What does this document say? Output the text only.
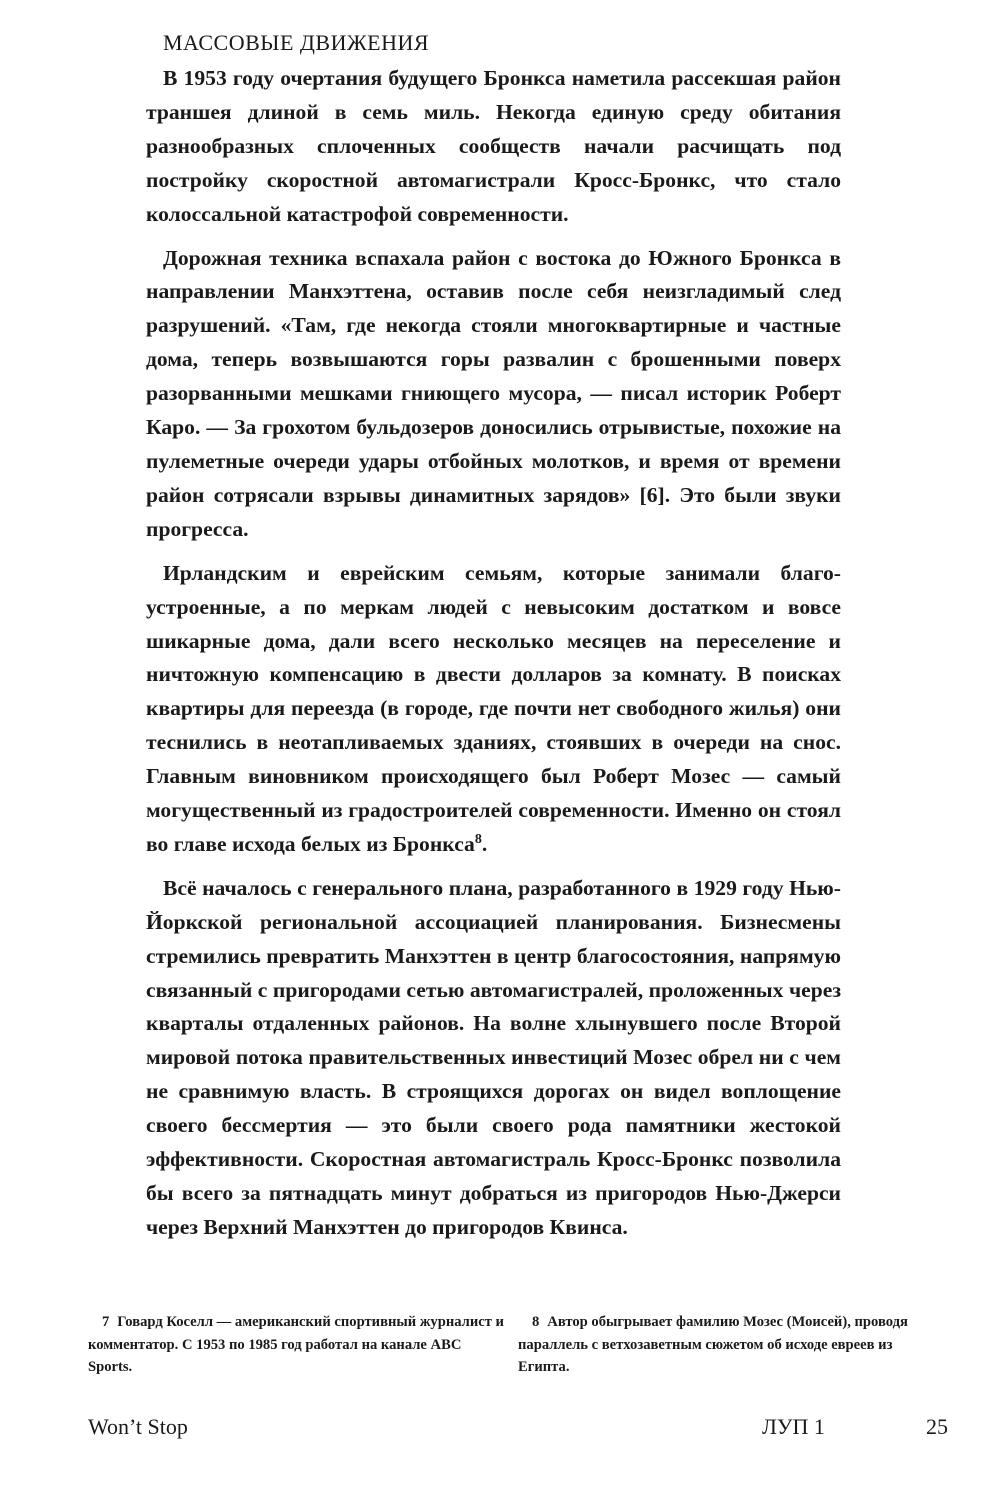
МАССОВЫЕ ДВИЖЕНИЯ

В 1953 году очертания будущего Бронкса наметила рассекшая район траншея длиной в семь миль. Некогда единую среду обитания разнообразных сплоченных сообществ начали расчищать под постройку скоростной автомагистрали Кросс-Бронкс, что стало колоссальной катастрофой современности.

Дорожная техника вспахала район с востока до Южного Бронкса в направлении Манхэттена, оставив после себя неизгладимый след разрушений. «Там, где некогда стояли многоквартирные и частные дома, теперь возвышаются горы развалин с брошенными поверх разорванными мешками гниющего мусора, — писал историк Роберт Каро. — За грохотом бульдозеров доносились отрывистые, похожие на пулеметные очереди удары отбойных молотков, и время от времени район сотрясали взрывы динамитных зарядов» [6]. Это были звуки прогресса.

Ирландским и еврейским семьям, которые занимали благоустроенные, а по меркам людей с невысоким достатком и вовсе шикарные дома, дали всего несколько месяцев на переселение и ничтожную компенсацию в двести долларов за комнату. В поисках квартиры для переезда (в городе, где почти нет свободного жилья) они теснились в неотапливаемых зданиях, стоявших в очереди на снос. Главным виновником происходящего был Роберт Мозес — самый могущественный из градостроителей современности. Именно он стоял во главе исхода белых из Бронкса$^8$.

Всё началось с генерального плана, разработанного в 1929 году Нью-Йоркской региональной ассоциацией планирования. Бизнесмены стремились превратить Манхэттен в центр благосостояния, напрямую связанный с пригородами сетью автомагистралей, проложенных через кварталы отдаленных районов. На волне хлынувшего после Второй мировой потока правительственных инвестиций Мозес обрел ни с чем не сравнимую власть. В строящихся дорогах он видел воплощение своего бессмертия — это были своего рода памятники жестокой эффективности. Скоростная автомагистраль Кросс-Бронкс позволила бы всего за пятнадцать минут добраться из пригородов Нью-Джерси через Верхний Манхэттен до пригородов Квинса.

7 Говард Коселл — американский спортивный журналист и комментатор. С 1953 по 1985 год работал на канале ABC Sports.

8 Автор обыгрывает фамилию Мозес (Моисей), проводя параллель с ветхозаветным сюжетом об исходе евреев из Египта.

Won’t Stop	ЛУП 1	25
